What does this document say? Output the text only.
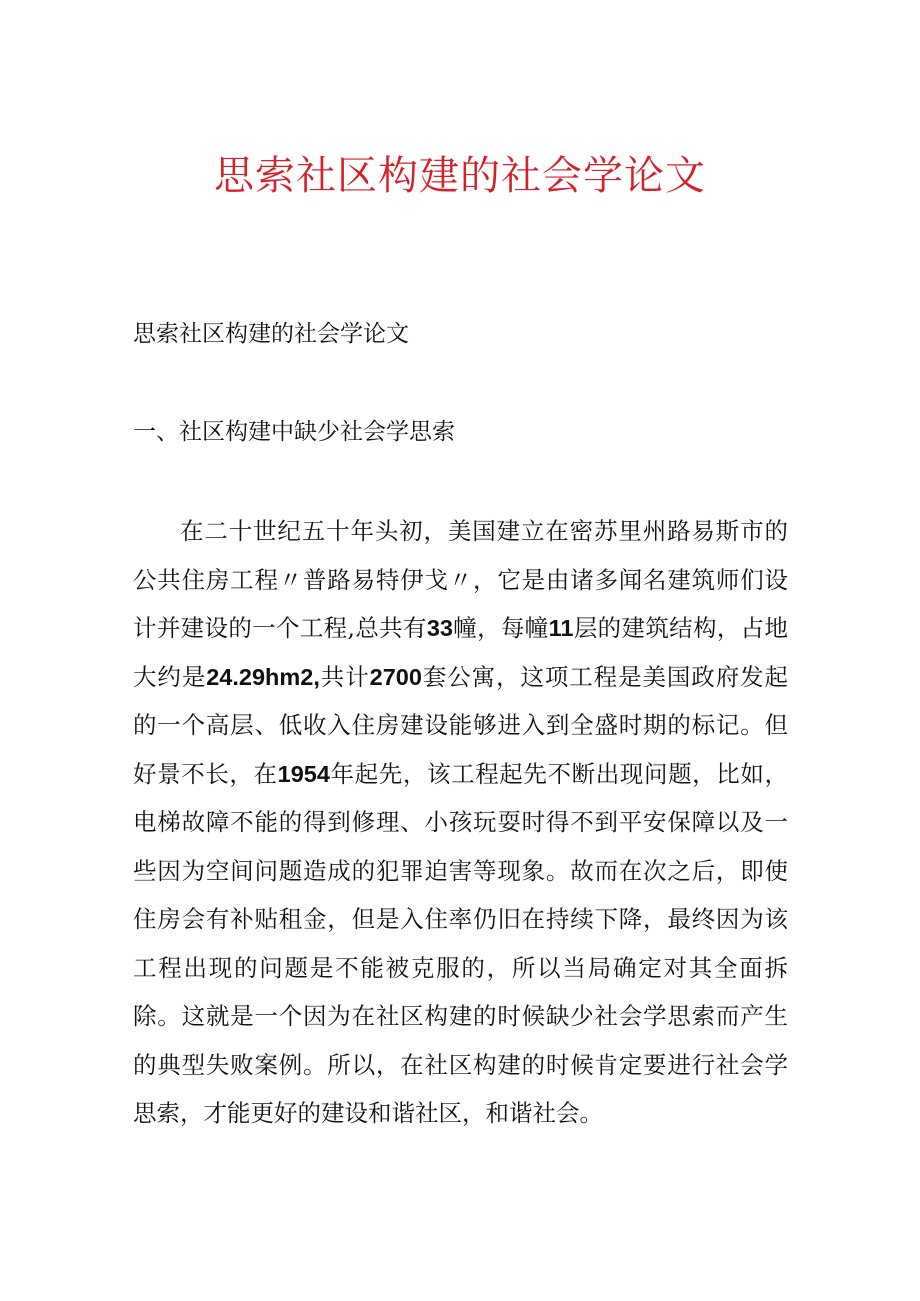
思索社区构建的社会学论文

思索社区构建的社会学论文

一、社区构建中缺少社会学思索

在二十世纪五十年头初，美国建立在密苏里州路易斯市的公共住房工程〃普路易特伊戈〃，它是由诸多闻名建筑师们设计并建设的一个工程,总共有33幢，每幢11层的建筑结构，占地大约是24.29hm2,共计2700套公寓，这项工程是美国政府发起的一个高层、低收入住房建设能够进入到全盛时期的标记。但好景不长，在1954年起先，该工程起先不断出现问题，比如，电梯故障不能的得到修理、小孩玩耍时得不到平安保障以及一些因为空间问题造成的犯罪迫害等现象。故而在次之后，即使住房会有补贴租金，但是入住率仍旧在持续下降，最终因为该工程出现的问题是不能被克服的，所以当局确定对其全面拆除。这就是一个因为在社区构建的时候缺少社会学思索而产生的典型失败案例。所以，在社区构建的时候肯定要进行社会学思索，才能更好的建设和谐社区，和谐社会。
